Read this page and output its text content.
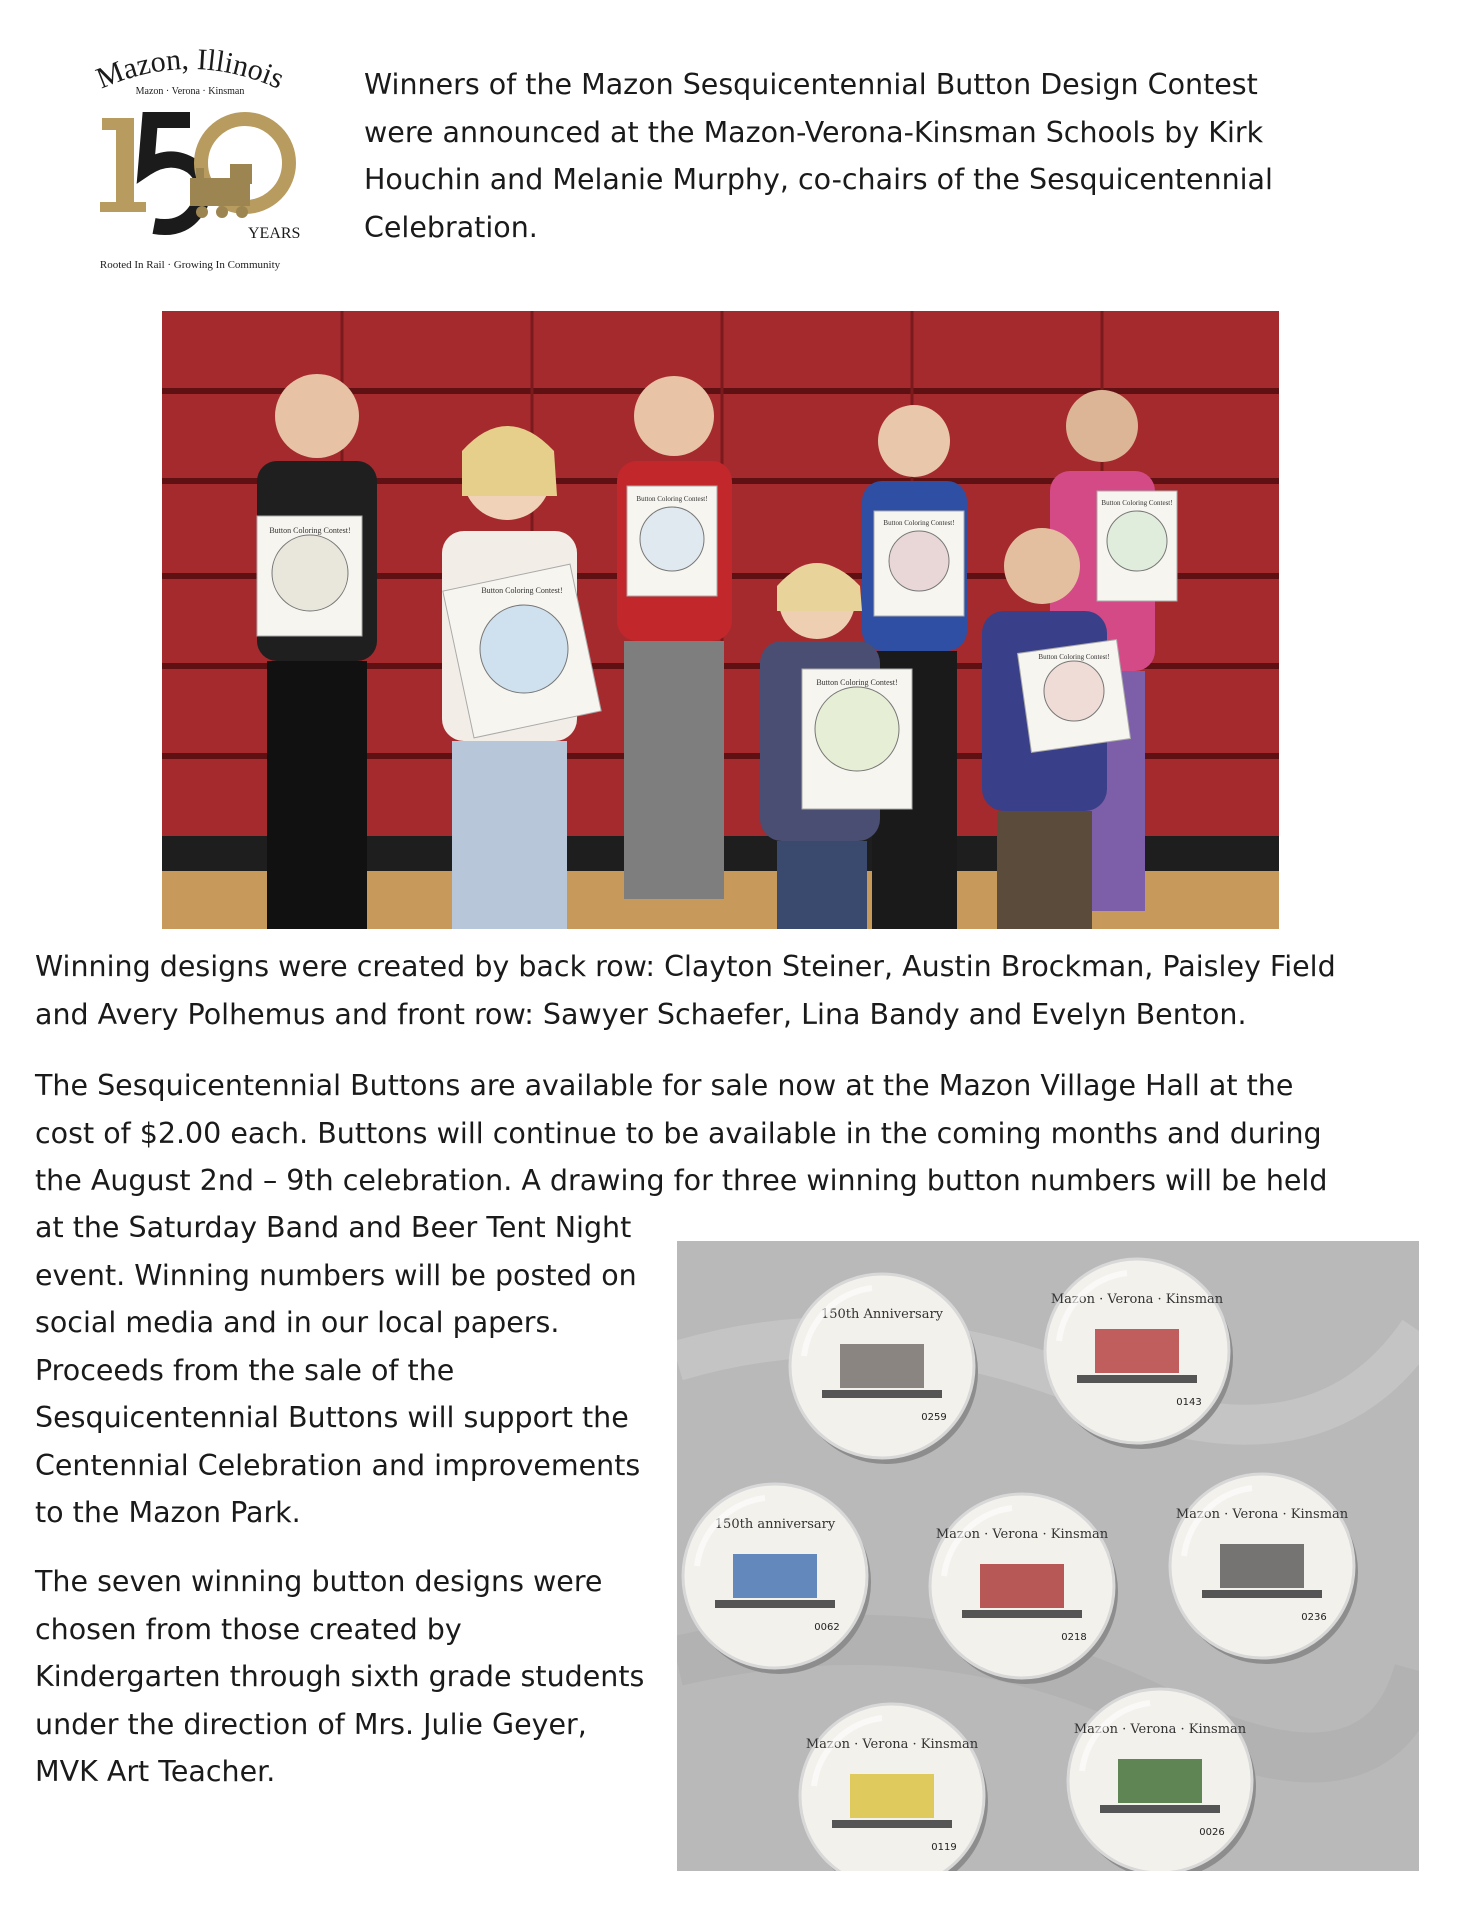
Mazon, Illinois
Mazon · Verona · Kinsman
YEARS
Rooted In Rail · Growing In Community
Winners of the Mazon Sesquicentennial Button Design Contest
were announced at the Mazon-Verona-Kinsman Schools by Kirk
Houchin and Melanie Murphy, co-chairs of the Sesquicentennial
Celebration.
Button Coloring Contest!
Button Coloring Contest!
Button Coloring Contest!
Button Coloring Contest!
Button Coloring Contest!
Button Coloring Contest!
Button Coloring Contest!
Winning designs were created by back row: Clayton Steiner, Austin Brockman, Paisley Field
and Avery Polhemus and front row: Sawyer Schaefer, Lina Bandy and Evelyn Benton.
The Sesquicentennial Buttons are available for sale now at the Mazon Village Hall at the
cost of $2.00 each. Buttons will continue to be available in the coming months and during
the August 2nd – 9th celebration. A drawing for three winning button numbers will be held
at the Saturday Band and Beer Tent Night
event. Winning numbers will be posted on
social media and in our local papers.
Proceeds from the sale of the
Sesquicentennial Buttons will support the
Centennial Celebration and improvements
to the Mazon Park.
The seven winning button designs were
chosen from those created by
Kindergarten through sixth grade students
under the direction of Mrs. Julie Geyer,
MVK Art Teacher.
150th Anniversary
0259
Mazon · Verona · Kinsman
0143
150th anniversary
0062
Mazon · Verona · Kinsman
0218
Mazon · Verona · Kinsman
0236
Mazon · Verona · Kinsman
0119
Mazon · Verona · Kinsman
0026
